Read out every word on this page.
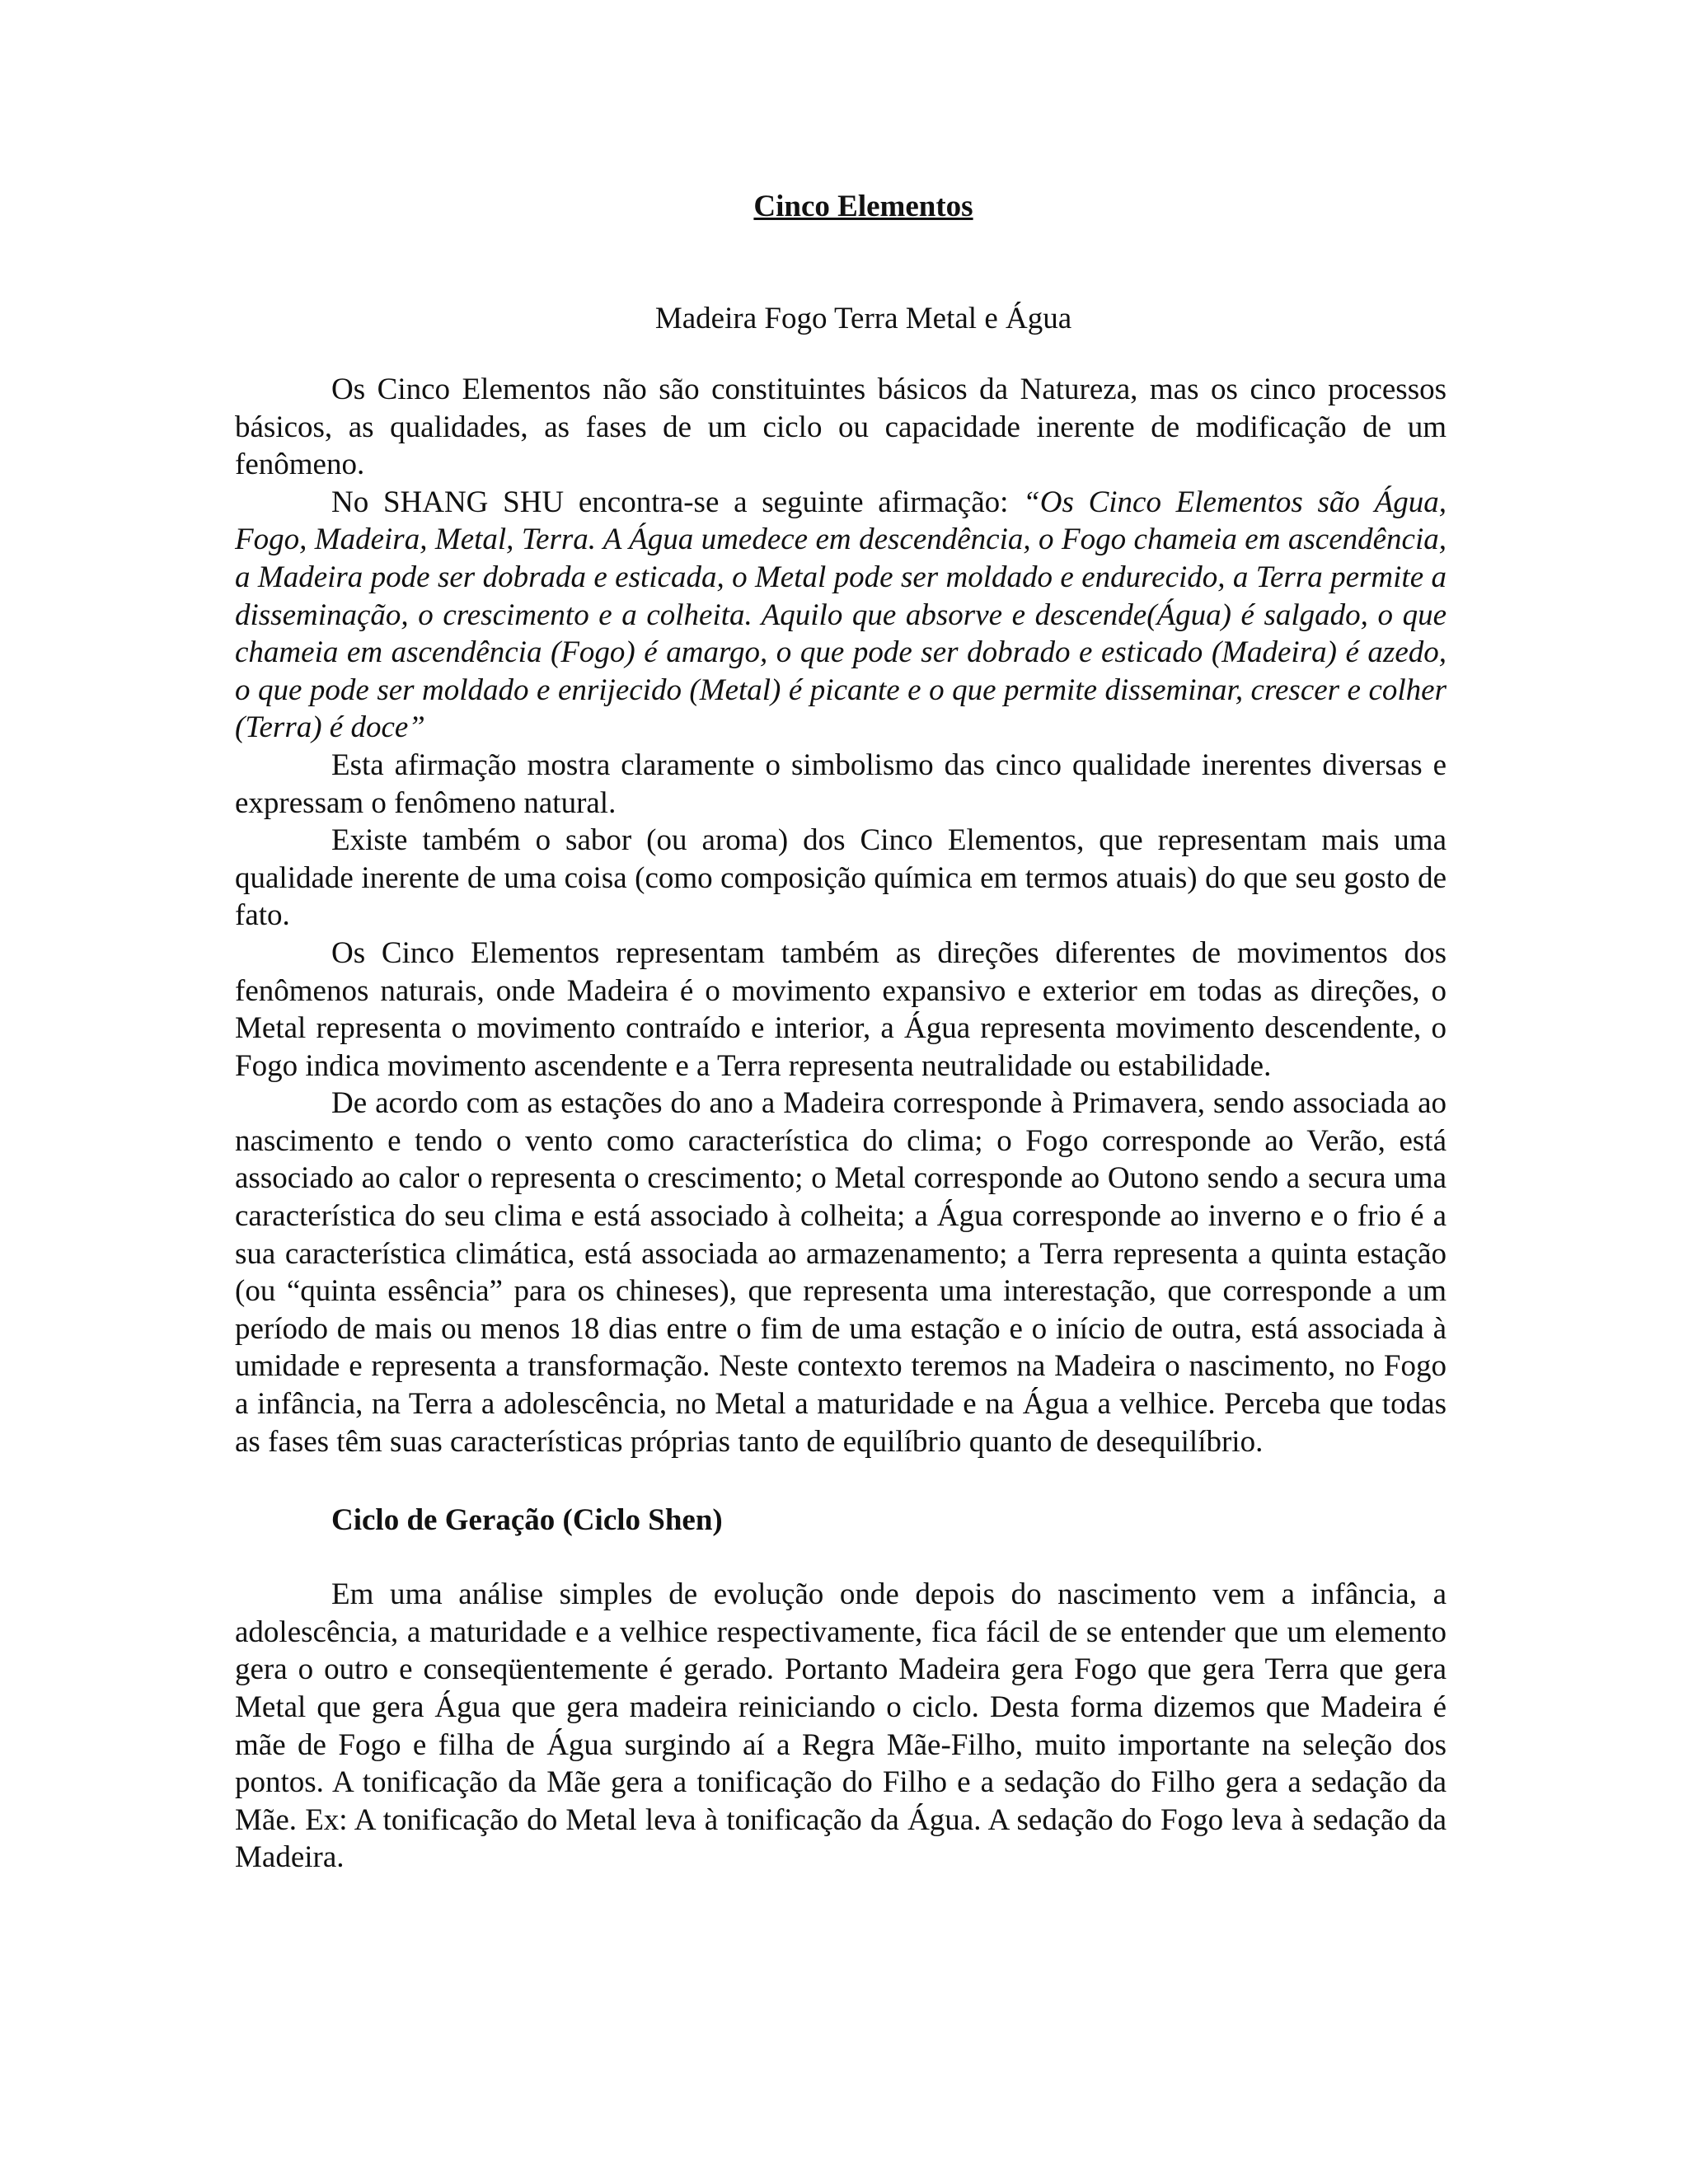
Cinco Elementos
Madeira Fogo Terra Metal e Água

Os Cinco Elementos não são constituintes básicos da Natureza, mas os cinco processos básicos, as qualidades, as fases de um ciclo ou capacidade inerente de modificação de um fenômeno.

No SHANG SHU encontra-se a seguinte afirmação: “Os Cinco Elementos são Água, Fogo, Madeira, Metal, Terra. A Água umedece em descendência, o Fogo chameia em ascendência, a Madeira pode ser dobrada e esticada, o Metal pode ser moldado e endurecido, a Terra permite a disseminação, o crescimento e a colheita. Aquilo que absorve e descende(Água) é salgado, o que chameia em ascendência (Fogo) é amargo, o que pode ser dobrado e esticado (Madeira) é azedo, o que pode ser moldado e enrijecido (Metal) é picante e o que permite disseminar, crescer e colher (Terra) é doce”

Esta afirmação mostra claramente o simbolismo das cinco qualidade inerentes diversas e expressam o fenômeno natural.

Existe também o sabor (ou aroma) dos Cinco Elementos, que representam mais uma qualidade inerente de uma coisa (como composição química em termos atuais) do que seu gosto de fato.

Os Cinco Elementos representam também as direções diferentes de movimentos dos fenômenos naturais, onde Madeira é o movimento expansivo e exterior em todas as direções, o Metal representa o movimento contraído e interior, a Água representa movimento descendente, o Fogo indica movimento ascendente e a Terra representa neutralidade ou estabilidade.

De acordo com as estações do ano a Madeira corresponde à Primavera, sendo associada ao nascimento e tendo o vento como característica do clima; o Fogo corresponde ao Verão, está associado ao calor o representa o crescimento; o Metal corresponde ao Outono sendo a secura uma característica do seu clima e está associado à colheita; a Água corresponde ao inverno e o frio é a sua característica climática, está associada ao armazenamento; a Terra representa a quinta estação (ou “quinta essência” para os chineses), que representa uma interestação, que corresponde a um período de mais ou menos 18 dias entre o fim de uma estação e o início de outra, está associada à umidade e representa a transformação. Neste contexto teremos na Madeira o nascimento, no Fogo a infância, na Terra a adolescência, no Metal a maturidade e na Água a velhice. Perceba que todas as fases têm suas características próprias tanto de equilíbrio quanto de desequilíbrio.

Ciclo de Geração (Ciclo Shen)

Em uma análise simples de evolução onde depois do nascimento vem a infância, a adolescência, a maturidade e a velhice respectivamente, fica fácil de se entender que um elemento gera o outro e conseqüentemente é gerado. Portanto Madeira gera Fogo que gera Terra que gera Metal que gera Água que gera madeira reiniciando o ciclo. Desta forma dizemos que Madeira é mãe de Fogo e filha de Água surgindo aí a Regra Mãe-Filho, muito importante na seleção dos pontos. A tonificação da Mãe gera a tonificação do Filho e a sedação do Filho gera a sedação da Mãe. Ex: A tonificação do Metal leva à tonificação da Água. A sedação do Fogo leva à sedação da Madeira.
